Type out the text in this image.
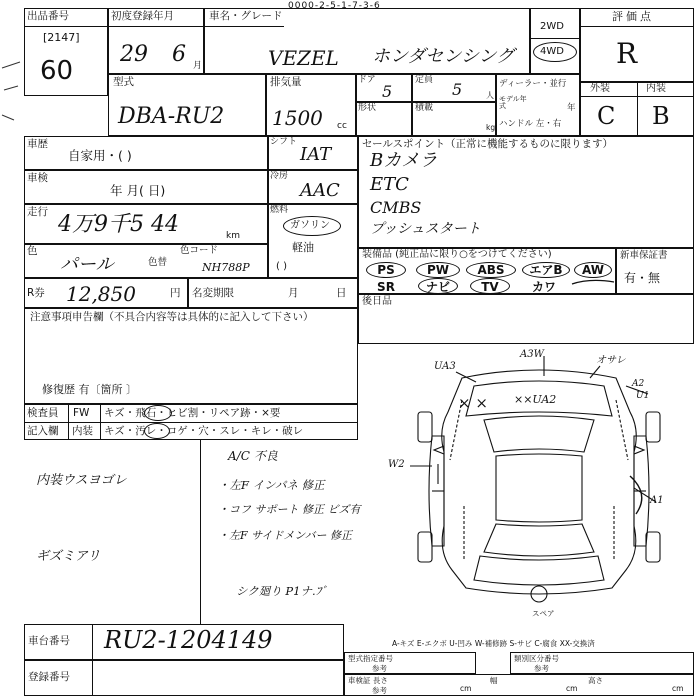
0000-2-5-1-7-3-6
出品番号
[2147]
60
初度登録年月
29 6 月
車名・グレード
VEZEL ホンダセンシング
2WD
4WD
評価点
R
型式
DBA-RU2
排気量
1500 cc
ドア
5
定員 5	人
形状	積載
kg
ディーラー・並行
モデル年式	年
ハンドル 左・右
外装	内装
C B
車歴
自家用・( )
シフト
IAT
車検
年 月( 日)
冷房
AAC
走行 4万9千5 44	km
燃料
ガソリン
軽油
( )
色
パール	色替
色コード
NH788P
R券 12,850	円 名変期限	月	日
セールスポイント（正常に機能するものに限ります）
Bカメラ
ETC
CMBS
プッシュスタート
装備品 (純正品に限り○をつけてください)
PS	PW	ABS	エアB	AW
SR	ナビ	TV	カワ
新車保証書
有・無
後日品
注意事項申告欄（不具合内容等は具体的に記入して下さい）
修復歴 有〔箇所 〕
検査員
記入欄
FW キズ・飛石・ヒビ割・リペア跡・×要
内装 キズ・汚レ・コゲ・穴・スレ・キレ・破レ
内装ウスヨゴレ
ギズミアリ
A/C 不良
・左F インパネ 修正
・コフ サポート 修正 ビズ有
・左F サイドメンバー 修正
シク廻り P1ナ.ﾌﾞ
UA3
A3W
オサレ
× × ××UA2
A2
U1
W2
A1
スペア
車台番号 RU2-1204149
登録番号
A-キズ E-エクボ U-凹み W-補修跡 S-サビ C-腐食 XX-交換済
型式指定番号
参考
類別区分番号
参考
車検証 長さ
参考	cm
幅
cm
高さ
cm
